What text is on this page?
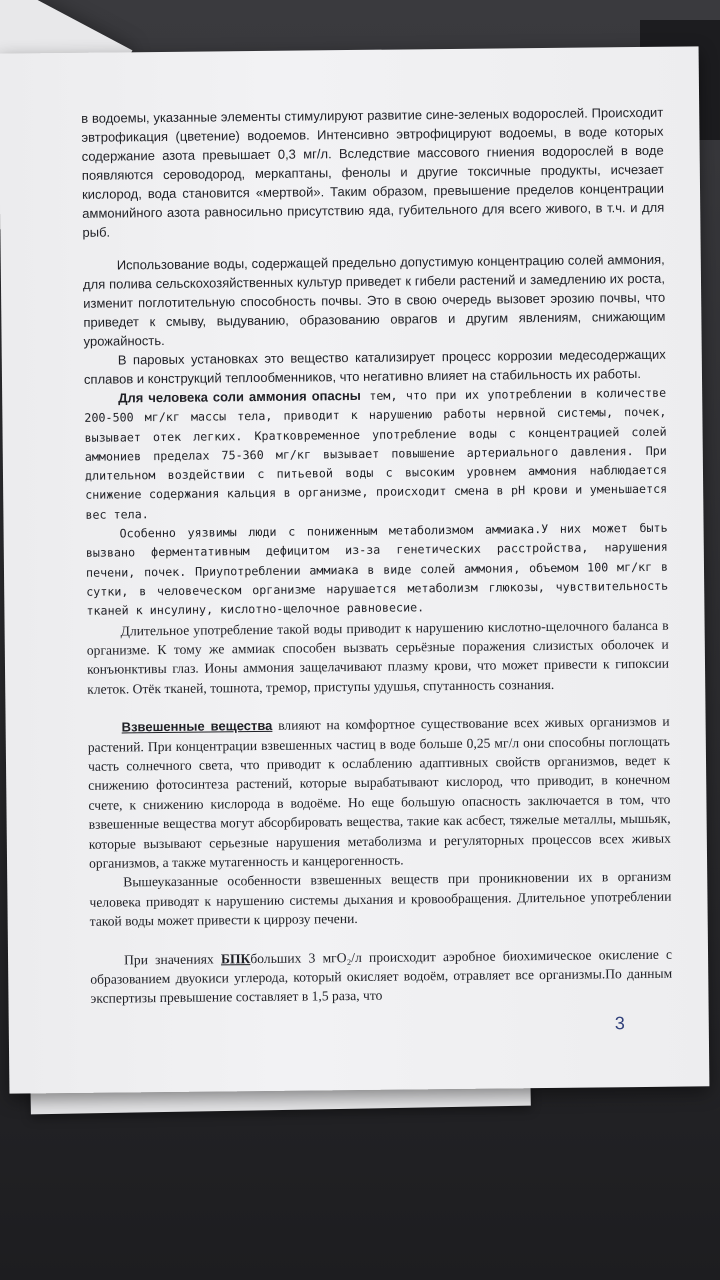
в водоемы, указанные элементы стимулируют развитие сине-зеленых водорослей. Происходит эвтрофикация (цветение) водоемов. Интенсивно эвтрофицируют водоемы, в воде которых содержание азота превышает 0,3 мг/л. Вследствие массового гниения водорослей в воде появляются сероводород, меркаптаны, фенолы и другие токсичные продукты, исчезает кислород, вода становится «мертвой». Таким образом, превышение пределов концентрации аммонийного азота равносильно присутствию яда, губительного для всего живого, в т.ч. и для рыб.

Использование воды, содержащей предельно допустимую концентрацию солей аммония, для полива сельскохозяйственных культур приведет к гибели растений и замедлению их роста, изменит поглотительную способность почвы. Это в свою очередь вызовет эрозию почвы, что приведет к смыву, выдуванию, образованию оврагов и другим явлениям, снижающим урожайность.

В паровых установках это вещество катализирует процесс коррозии медесодержащих сплавов и конструкций теплообменников, что негативно влияет на стабильность их работы.

Для человека соли аммония опасны тем, что при их употреблении в количестве 200-500 мг/кг массы тела, приводит к нарушению работы нервной системы, почек, вызывает отек легких. Кратковременное употребление воды с концентрацией солей аммониев пределах 75-360 мг/кг вызывает повышение артериального давления. При длительном воздействии с питьевой воды с высоким уровнем аммония наблюдается снижение содержания кальция в организме, происходит смена в pH крови и уменьшается вес тела.

Особенно уязвимы люди с пониженным метаболизмом аммиака.У них может быть вызвано ферментативным дефицитом из-за генетических расстройства, нарушения печени, почек. Приупотреблении аммиака в виде солей аммония, объемом 100 мг/кг в сутки, в человеческом организме нарушается метаболизм глюкозы, чувствительность тканей к инсулину, кислотно-щелочное равновесие.

Длительное употребление такой воды приводит к нарушению кислотно-щелочного баланса в организме. К тому же аммиак способен вызвать серьёзные поражения слизистых оболочек и конъюнктивы глаз. Ионы аммония защелачивают плазму крови, что может привести к гипоксии клеток. Отёк тканей, тошнота, тремор, приступы удушья, спутанность сознания.

Взвешенные вещества влияют на комфортное существование всех живых организмов и растений. При концентрации взвешенных частиц в воде больше 0,25 мг/л они способны поглощать часть солнечного света, что приводит к ослаблению адаптивных свойств организмов, ведет к снижению фотосинтеза растений, которые вырабатывают кислород, что приводит, в конечном счете, к снижению кислорода в водоёме. Но еще большую опасность заключается в том, что взвешенные вещества могут абсорбировать вещества, такие как асбест, тяжелые металлы, мышьяк, которые вызывают серьезные нарушения метаболизма и регуляторных процессов всех живых организмов, а также мутагенность и канцерогенность.

Вышеуказанные особенности взвешенных веществ при проникновении их в организм человека приводят к нарушению системы дыхания и кровообращения. Длительное употреблении такой воды может привести к циррозу печени.

При значениях БПКбольших 3 мгО₂/л происходит аэробное биохимическое окисление с образованием двуокиси углерода, который окисляет водоём, отравляет все организмы.По данным экспертизы превышение составляет в 1,5 раза, что

3
